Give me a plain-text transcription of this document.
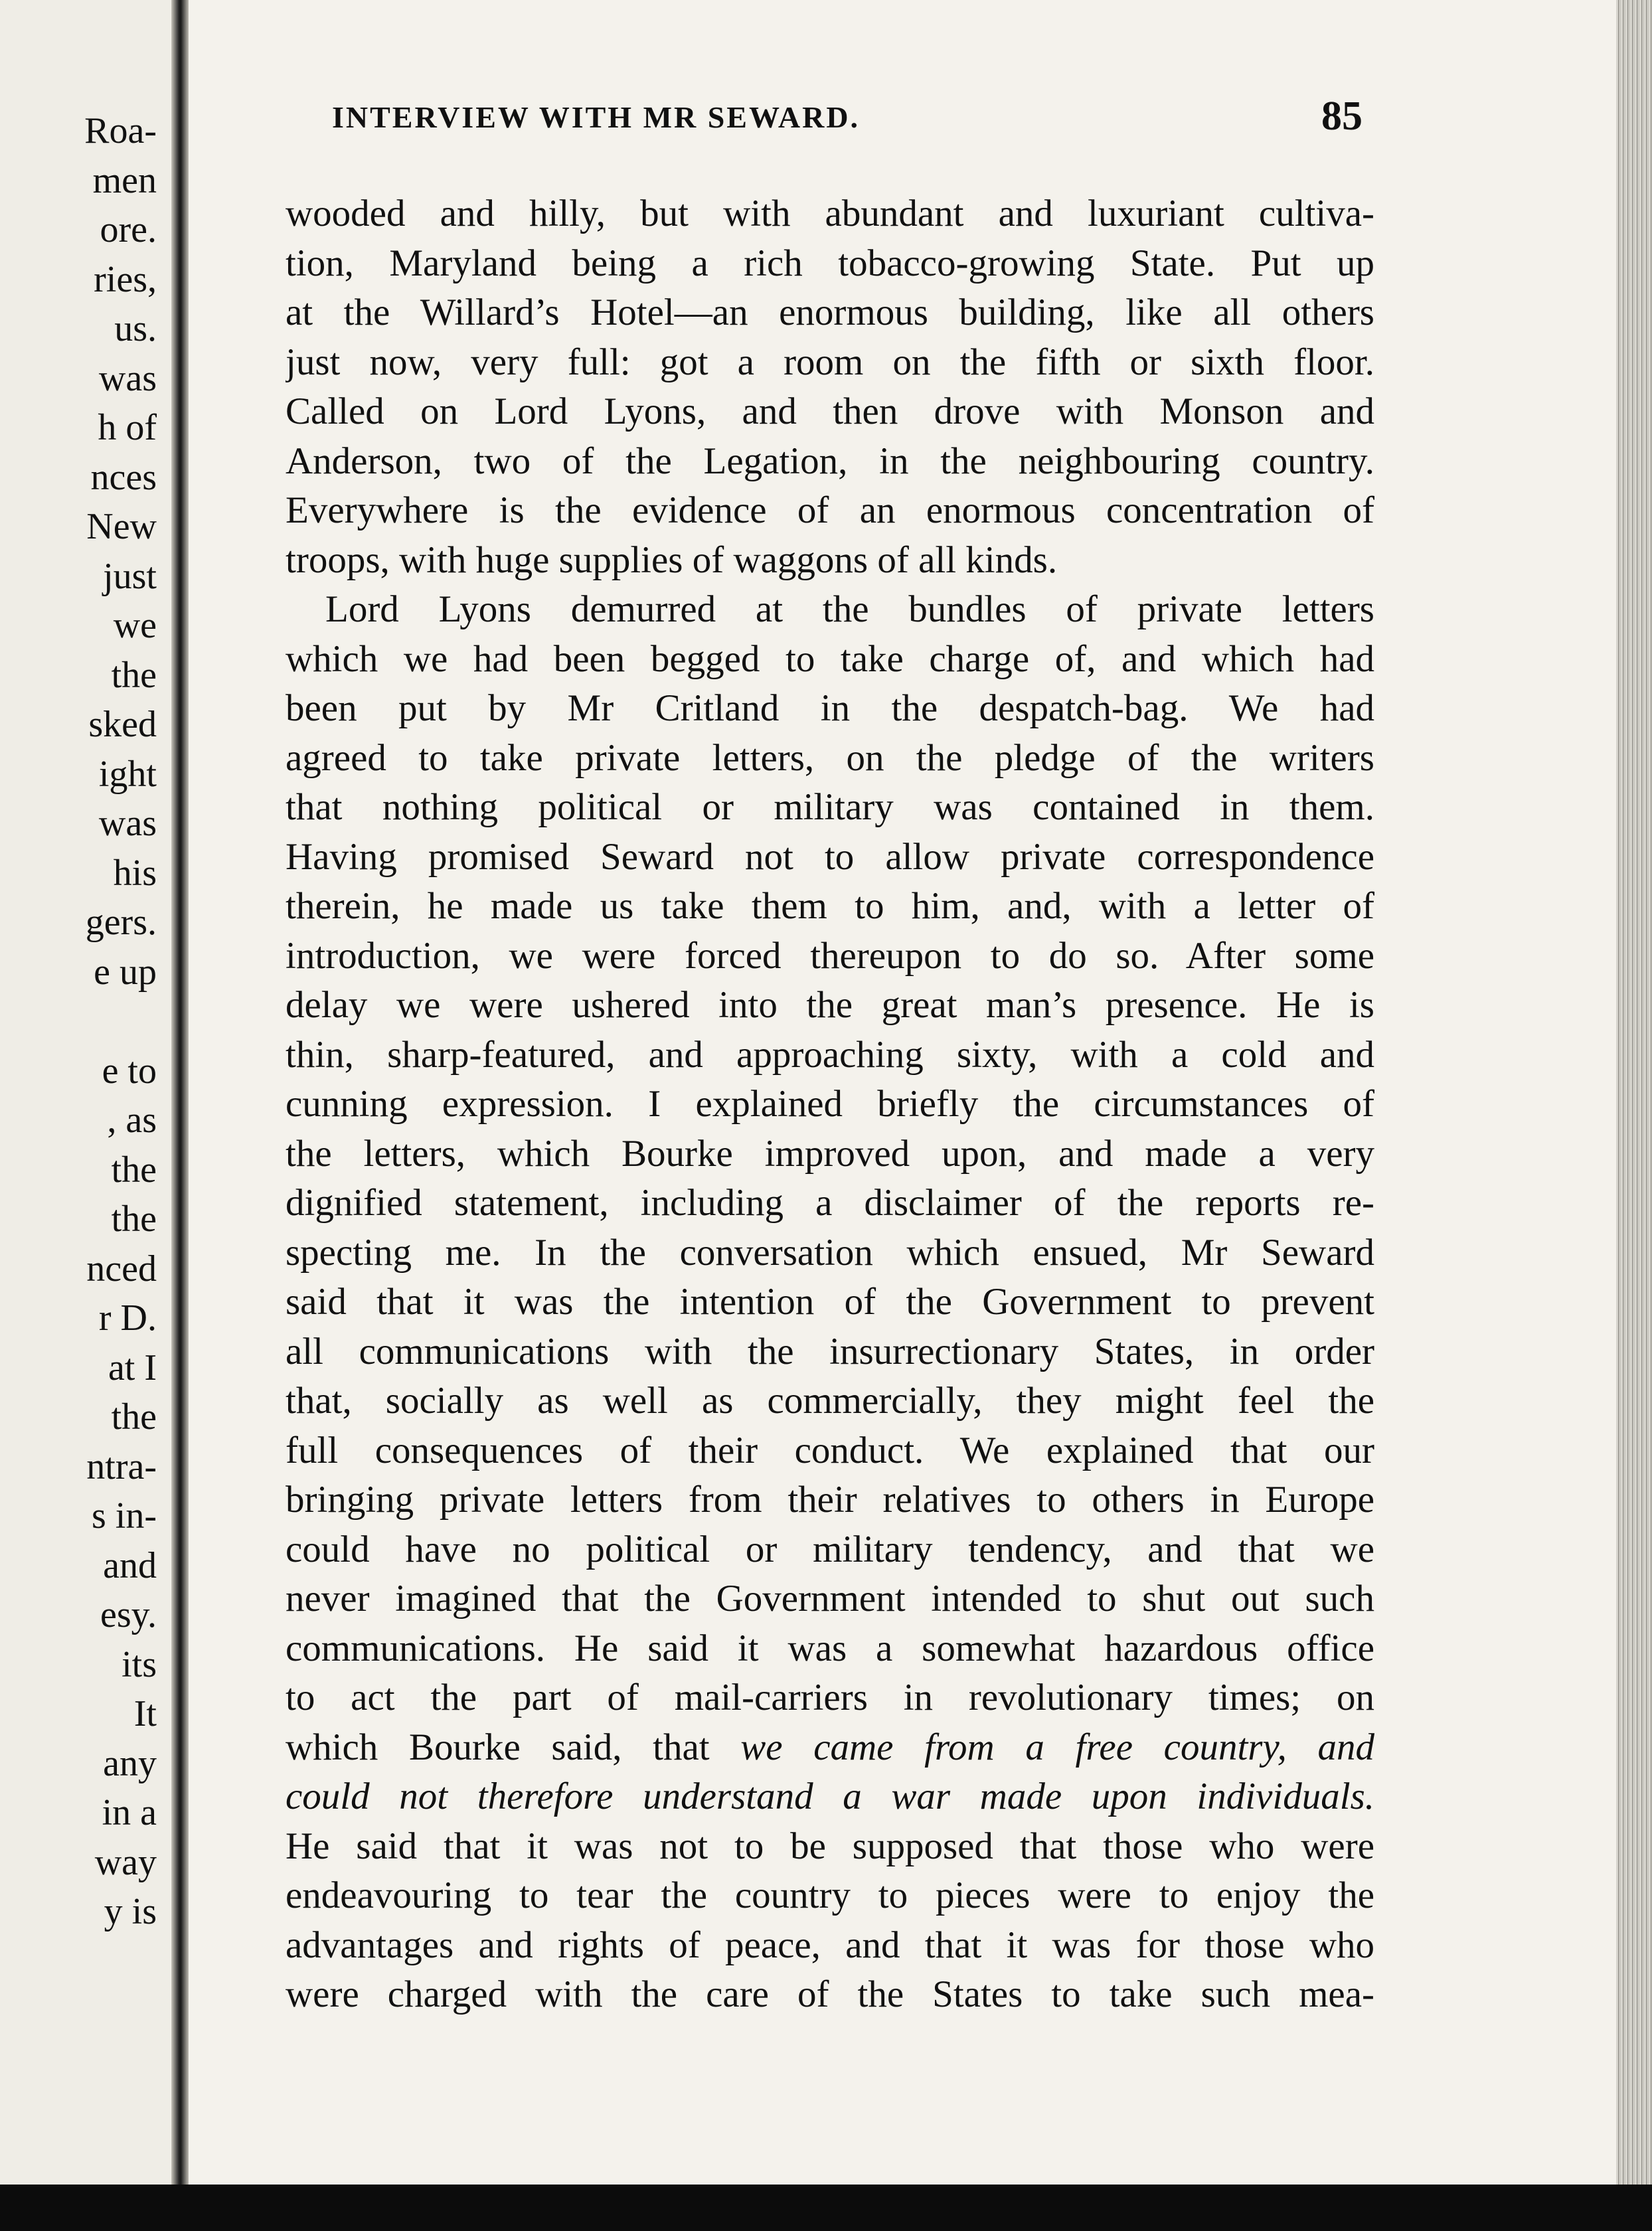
Roa-
men
ore.
ries,
us.
was
h of
nces
New
just
we
the
sked
ight
was
his
gers.
e up
e to
, as
the
the
nced
r D.
at I
the
ntra-
s in-
and
esy.
its
It
any
in a
way
y is
INTERVIEW WITH MR SEWARD.	85
wooded and hilly, but with abundant and luxuriant cultiva-
tion, Maryland being a rich tobacco-growing State. Put up
at the Willard’s Hotel—an enormous building, like all others
just now, very full: got a room on the fifth or sixth floor.
Called on Lord Lyons, and then drove with Monson and
Anderson, two of the Legation, in the neighbouring country.
Everywhere is the evidence of an enormous concentration of
troops, with huge supplies of waggons of all kinds.
Lord Lyons demurred at the bundles of private letters
which we had been begged to take charge of, and which had
been put by Mr Critland in the despatch-bag. We had
agreed to take private letters, on the pledge of the writers
that nothing political or military was contained in them.
Having promised Seward not to allow private correspondence
therein, he made us take them to him, and, with a letter of
introduction, we were forced thereupon to do so. After some
delay we were ushered into the great man’s presence. He is
thin, sharp-featured, and approaching sixty, with a cold and
cunning expression. I explained briefly the circumstances of
the letters, which Bourke improved upon, and made a very
dignified statement, including a disclaimer of the reports re-
specting me. In the conversation which ensued, Mr Seward
said that it was the intention of the Government to prevent
all communications with the insurrectionary States, in order
that, socially as well as commercially, they might feel the
full consequences of their conduct. We explained that our
bringing private letters from their relatives to others in Europe
could have no political or military tendency, and that we
never imagined that the Government intended to shut out such
communications. He said it was a somewhat hazardous office
to act the part of mail-carriers in revolutionary times; on
which Bourke said, that we came from a free country, and
could not therefore understand a war made upon individuals.
He said that it was not to be supposed that those who were
endeavouring to tear the country to pieces were to enjoy the
advantages and rights of peace, and that it was for those who
were charged with the care of the States to take such mea-
